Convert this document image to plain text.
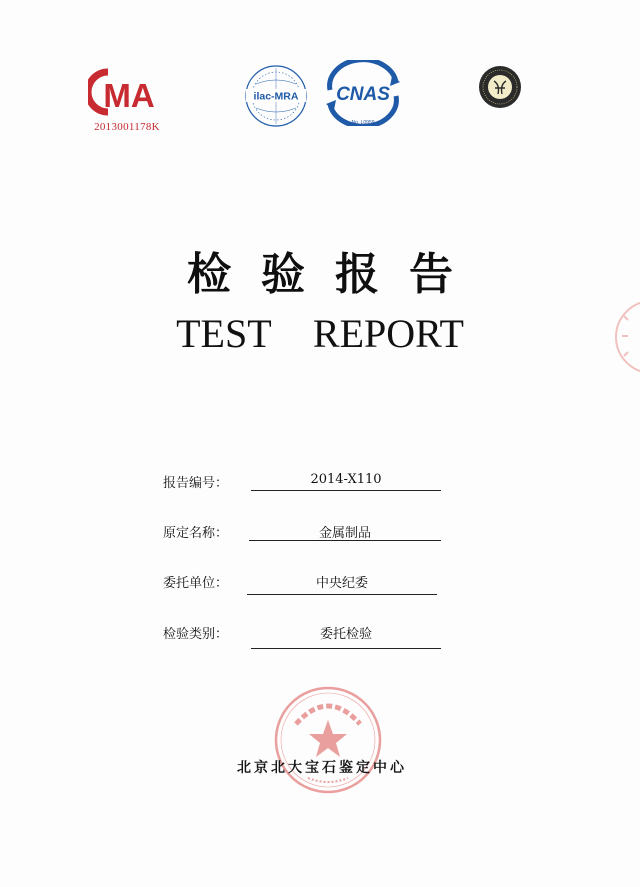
MA
2013001178K
ilac-MRA CNAS
No. L0959
检验报告
TEST REPORT
报告编号：	2014-X110
原定名称：	金属制品
委托单位：	中央纪委
检验类别：	委托检验
北京北大宝石鉴定中心
